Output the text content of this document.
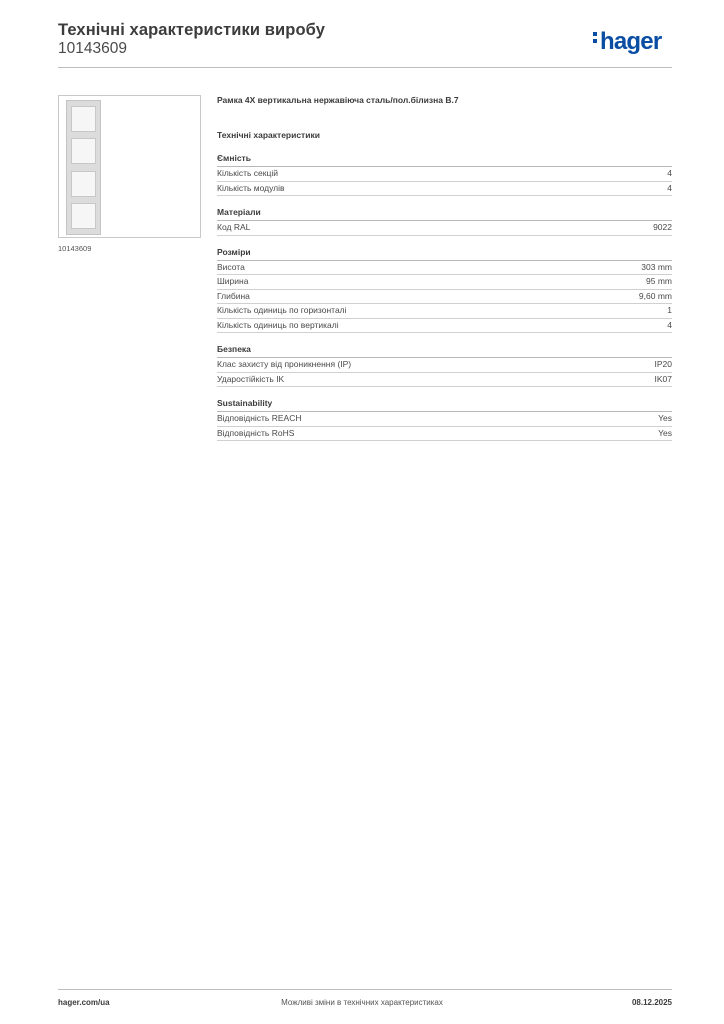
Технічні характеристики виробу
10143609	hager
10143609
Рамка 4X вертикальна нержавіюча сталь/пол.білизна B.7
Технічні характеристики
Ємність
Кількість секцій	4
Кількість модулів	4
Матеріали
Код RAL	9022
Розміри
Висота	303 mm
Ширина	95 mm
Глибина	9,60 mm
Кількість одиниць по горизонталі	1
Кількість одиниць по вертикалі	4
Безпека
Клас захисту від проникнення (IP)	IP20
Ударостійкість IK	IK07
Sustainability
Відповідність REACH	Yes
Відповідність RoHS	Yes
hager.com/ua	Можливі зміни в технічних характеристиках	08.12.2025
